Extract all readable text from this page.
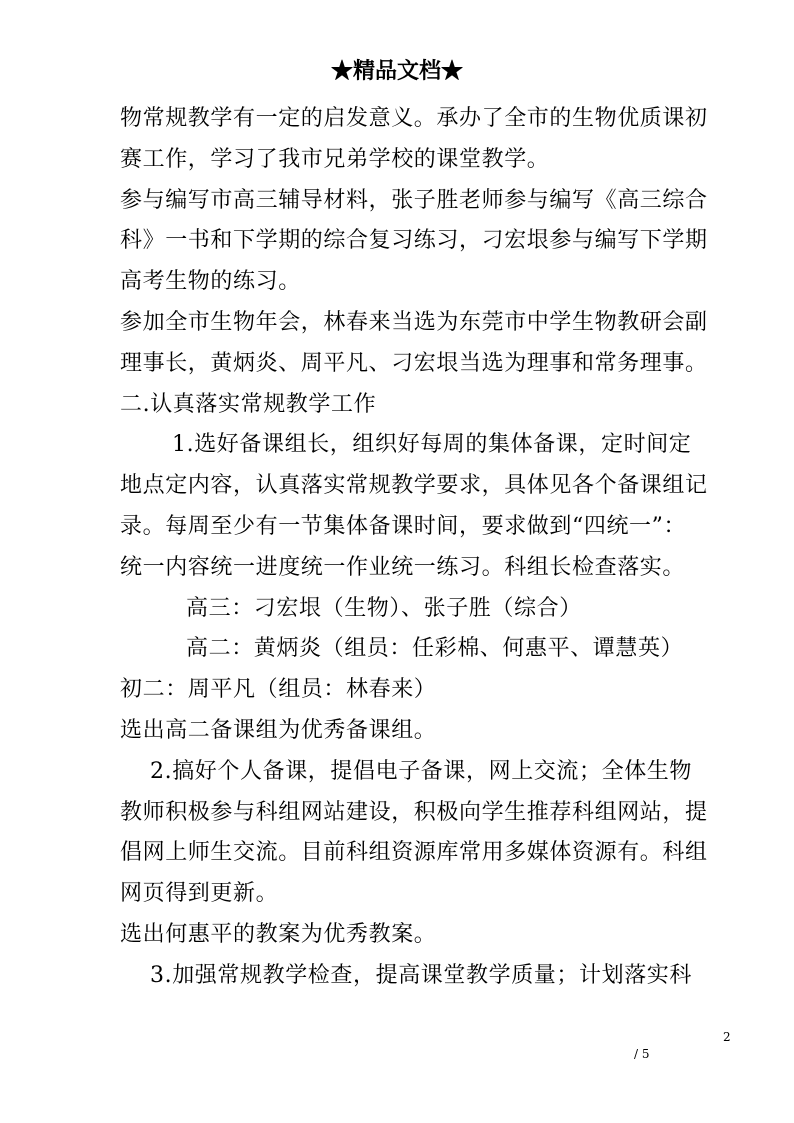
★精品文档★
物常规教学有一定的启发意义。承办了全市的生物优质课初
赛工作，学习了我市兄弟学校的课堂教学。
参与编写市高三辅导材料，张子胜老师参与编写《高三综合
科》一书和下学期的综合复习练习，刁宏垠参与编写下学期
高考生物的练习。
参加全市生物年会，林春来当选为东莞市中学生物教研会副
理事长，黄炳炎、周平凡、刁宏垠当选为理事和常务理事。
二.认真落实常规教学工作
1.选好备课组长，组织好每周的集体备课，定时间定
地点定内容，认真落实常规教学要求，具体见各个备课组记
录。每周至少有一节集体备课时间，要求做到“四统一”：
统一内容统一进度统一作业统一练习。科组长检查落实。
高三：刁宏垠（生物）、张子胜（综合）
高二：黄炳炎（组员：任彩棉、何惠平、谭慧英）
初二：周平凡（组员：林春来）
选出高二备课组为优秀备课组。
2.搞好个人备课，提倡电子备课，网上交流；全体生物
教师积极参与科组网站建设，积极向学生推荐科组网站，提
倡网上师生交流。目前科组资源库常用多媒体资源有。科组
网页得到更新。
选出何惠平的教案为优秀教案。
3.加强常规教学检查，提高课堂教学质量；计划落实科
2
/ 5
